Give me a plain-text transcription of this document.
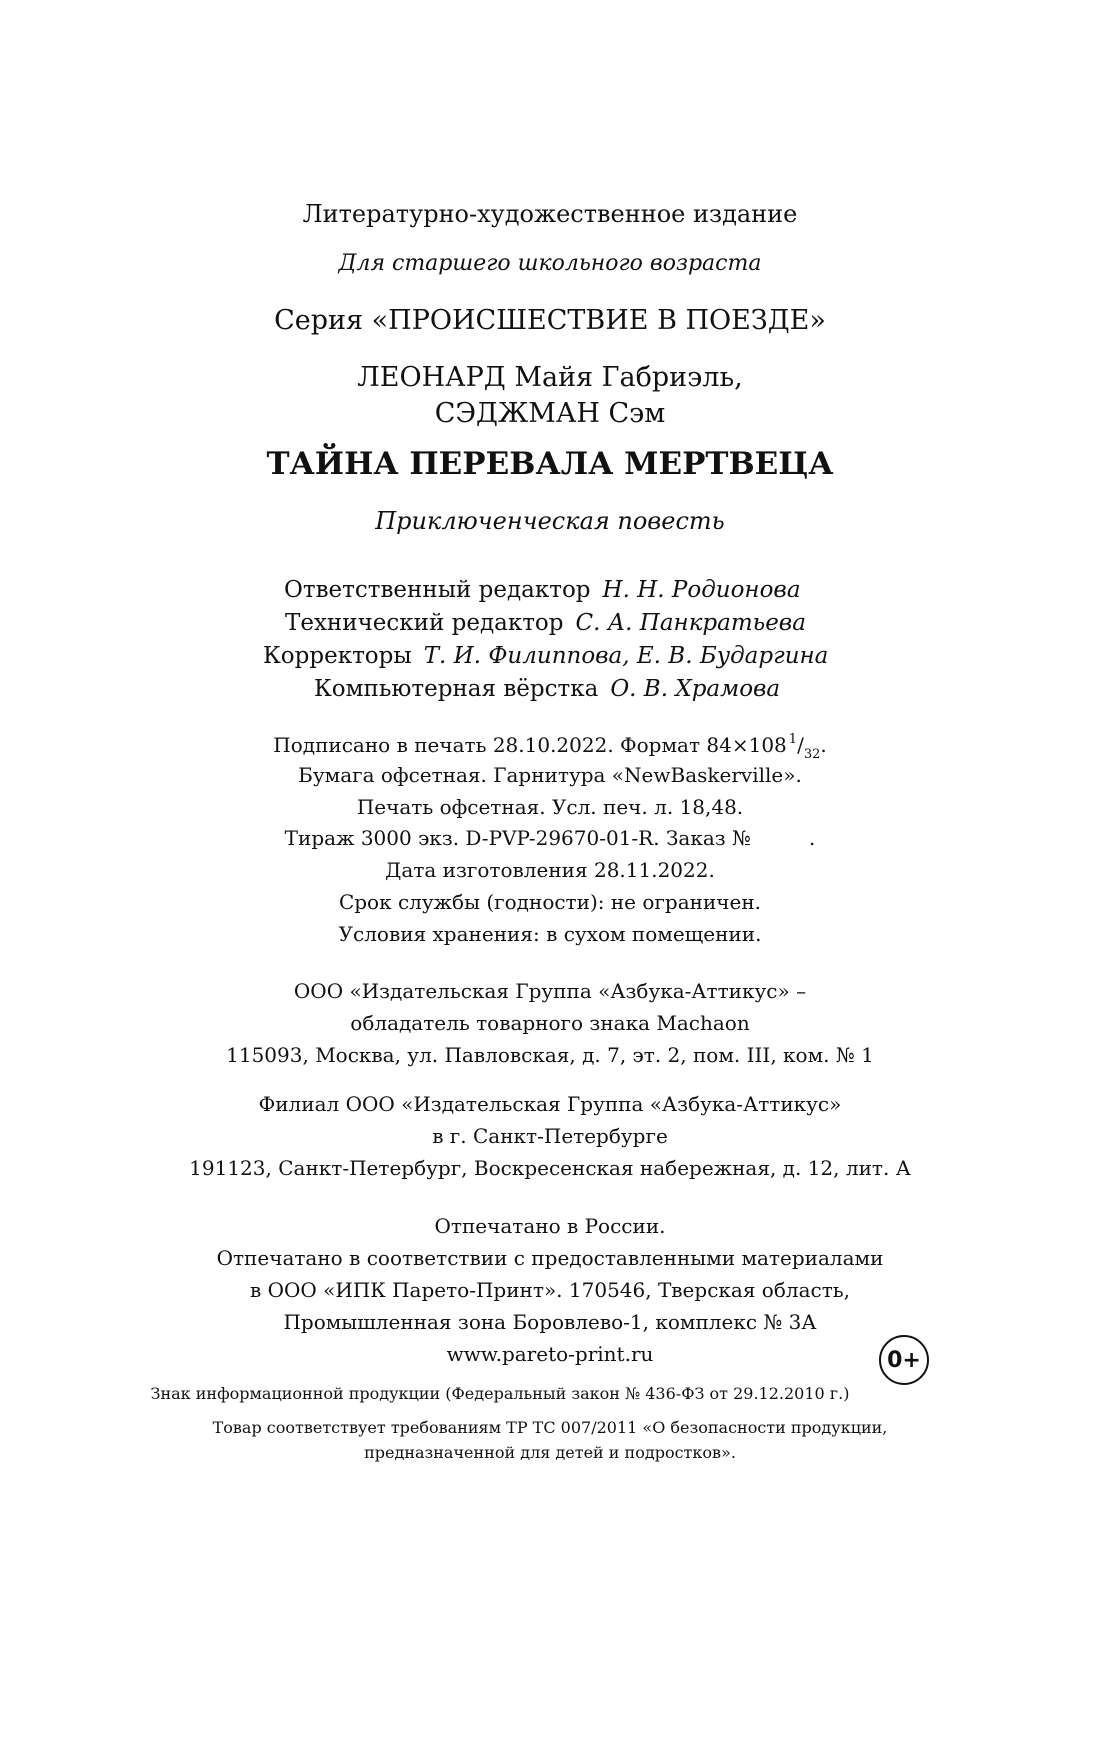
Литературно-художественное издание
Для старшего школьного возраста
Серия «ПРОИСШЕСТВИЕ В ПОЕЗДЕ»
ЛЕОНАРД Майя Габриэль,
СЭДЖМАН Сэм
ТАЙНА ПЕРЕВАЛА МЕРТВЕЦА
Приключенческая повесть
Ответственный редактор Н. Н. Родионова
Технический редактор С. А. Панкратьева
Корректоры Т. И. Филиппова, Е. В. Бударгина
Компьютерная вёрстка О. В. Храмова
Подписано в печать 28.10.2022. Формат 84×108 $^1/_{32}$.
Бумага офсетная. Гарнитура «NewBaskerville».
Печать офсетная. Усл. печ. л. 18,48.
Тираж 3000 экз. D-PVP-29670-01-R. Заказ №	.
Дата изготовления 28.11.2022.
Срок службы (годности): не ограничен.
Условия хранения: в сухом помещении.
ООО «Издательская Группа «Азбука-Аттикус» –
обладатель товарного знака Machaon
115093, Москва, ул. Павловская, д. 7, эт. 2, пом. III, ком. № 1
Филиал ООО «Издательская Группа «Азбука-Аттикус»
в г. Санкт-Петербурге
191123, Санкт-Петербург, Воскресенская набережная, д. 12, лит. А
Отпечатано в России.
Отпечатано в соответствии с предоставленными материалами
в ООО «ИПК Парето-Принт». 170546, Тверская область,
Промышленная зона Боровлево-1, комплекс № 3А
www.pareto-print.ru
Знак информационной продукции (Федеральный закон № 436-ФЗ от 29.12.2010 г.)
0+
Товар соответствует требованиям ТР ТС 007/2011 «О безопасности продукции,
предназначенной для детей и подростков».
